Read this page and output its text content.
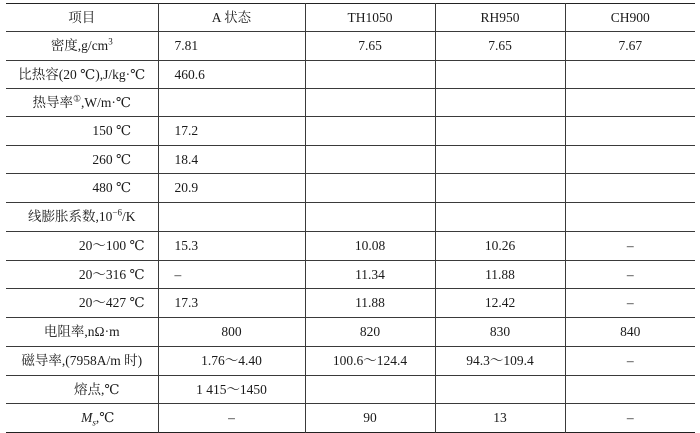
项目	A 状态	TH1050	RH950	CH900
密度$,g/cm^3$	7.81	7.65	7.65	7.67
比热容(20 ℃),J/kg·℃	460.6			
热导率①,W/m·℃				
150 ℃	17.2			
260 ℃	18.4			
480 ℃	20.9			
线膨胀系数$,10^{-6}/K$				
20～100 ℃	15.3	10.08	10.26	–
20～316 ℃	–	11.34	11.88	–
20～427 ℃	17.3	11.88	12.42	–
电阻率,nΩ·m	800	820	830	840
磁导率,(7958A/m 时)	1.76～4.40	100.6～124.4	94.3～109.4	–
熔点,℃	1 415～1450			
$M_s,℃$	–	90	13	–
